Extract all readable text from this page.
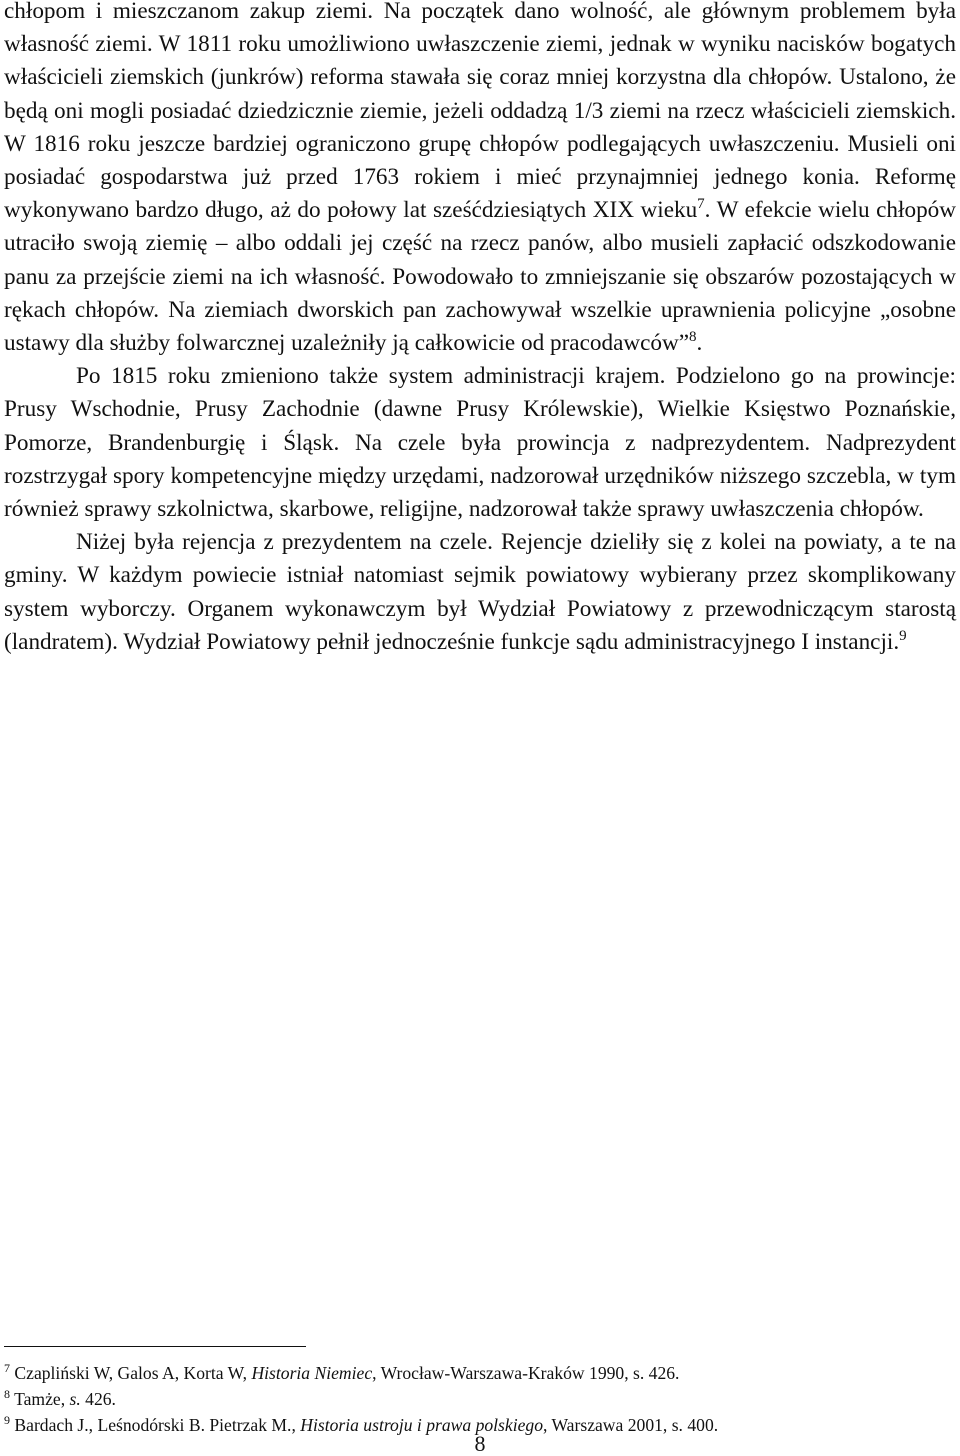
chłopom i mieszczanom zakup ziemi. Na początek dano wolność, ale głównym problemem była własność ziemi. W 1811 roku umożliwiono uwłaszczenie ziemi, jednak w wyniku nacisków bogatych właścicieli ziemskich (junkrów) reforma stawała się coraz mniej korzystna dla chłopów. Ustalono, że będą oni mogli posiadać dziedzicznie ziemie, jeżeli oddadzą 1/3 ziemi na rzecz właścicieli ziemskich. W 1816 roku jeszcze bardziej ograniczono grupę chłopów podlegających uwłaszczeniu. Musieli oni posiadać gospodarstwa już przed 1763 rokiem i mieć przynajmniej jednego konia. Reformę wykonywano bardzo długo, aż do połowy lat sześćdziesiątych XIX wieku$^7$. W efekcie wielu chłopów utraciło swoją ziemię – albo oddali jej część na rzecz panów, albo musieli zapłacić odszkodowanie panu za przejście ziemi na ich własność. Powodowało to zmniejszanie się obszarów pozostających w rękach chłopów. Na ziemiach dworskich pan zachowywał wszelkie uprawnienia policyjne „osobne ustawy dla służby folwarcznej uzależniły ją całkowicie od pracodawców”$^8$.

Po 1815 roku zmieniono także system administracji krajem. Podzielono go na prowincje: Prusy Wschodnie, Prusy Zachodnie (dawne Prusy Królewskie), Wielkie Księstwo Poznańskie, Pomorze, Brandenburgię i Śląsk. Na czele była prowincja z nadprezydentem. Nadprezydent rozstrzygał spory kompetencyjne między urzędami, nadzorował urzędników niższego szczebla, w tym również sprawy szkolnictwa, skarbowe, religijne, nadzorował także sprawy uwłaszczenia chłopów.

Niżej była rejencja z prezydentem na czele. Rejencje dzieliły się z kolei na powiaty, a te na gminy. W każdym powiecie istniał natomiast sejmik powiatowy wybierany przez skomplikowany system wyborczy. Organem wykonawczym był Wydział Powiatowy z przewodniczącym starostą (landratem). Wydział Powiatowy pełnił jednocześnie funkcje sądu administracyjnego I instancji.$^9$

$^7$ Czapliński W, Galos A, Korta W, Historia Niemiec, Wrocław-Warszawa-Kraków 1990, s. 426.

$^8$ Tamże, s. 426.

$^9$ Bardach J., Leśnodórski B. Pietrzak M., Historia ustroju i prawa polskiego, Warszawa 2001, s. 400.

8
